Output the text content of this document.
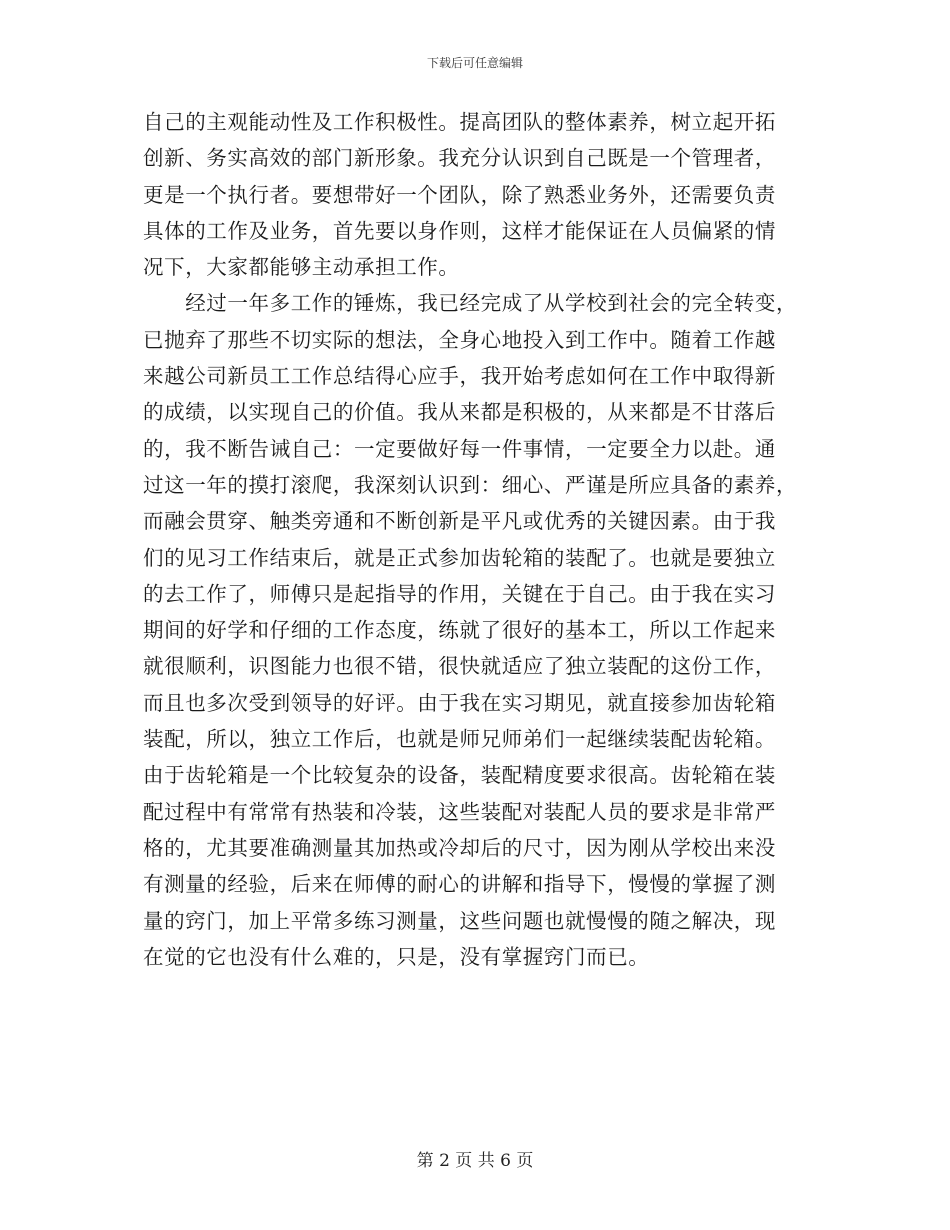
下载后可任意编辑
自己的主观能动性及工作积极性。提高团队的整体素养，树立起开拓
创新、务实高效的部门新形象。我充分认识到自己既是一个管理者，
更是一个执行者。要想带好一个团队，除了熟悉业务外，还需要负责
具体的工作及业务，首先要以身作则，这样才能保证在人员偏紧的情
况下，大家都能够主动承担工作。
　　经过一年多工作的锤炼，我已经完成了从学校到社会的完全转变，
已抛弃了那些不切实际的想法，全身心地投入到工作中。随着工作越
来越公司新员工工作总结得心应手，我开始考虑如何在工作中取得新
的成绩，以实现自己的价值。我从来都是积极的，从来都是不甘落后
的，我不断告诫自己：一定要做好每一件事情，一定要全力以赴。通
过这一年的摸打滚爬，我深刻认识到：细心、严谨是所应具备的素养，
而融会贯穿、触类旁通和不断创新是平凡或优秀的关键因素。由于我
们的见习工作结束后，就是正式参加齿轮箱的装配了。也就是要独立
的去工作了，师傅只是起指导的作用，关键在于自己。由于我在实习
期间的好学和仔细的工作态度，练就了很好的基本工，所以工作起来
就很顺利，识图能力也很不错，很快就适应了独立装配的这份工作，
而且也多次受到领导的好评。由于我在实习期见，就直接参加齿轮箱
装配，所以，独立工作后，也就是师兄师弟们一起继续装配齿轮箱。
由于齿轮箱是一个比较复杂的设备，装配精度要求很高。齿轮箱在装
配过程中有常常有热装和冷装，这些装配对装配人员的要求是非常严
格的，尤其要准确测量其加热或冷却后的尺寸，因为刚从学校出来没
有测量的经验，后来在师傅的耐心的讲解和指导下，慢慢的掌握了测
量的窍门，加上平常多练习测量，这些问题也就慢慢的随之解决，现
在觉的它也没有什么难的，只是，没有掌握窍门而已。
第 2 页 共 6 页
